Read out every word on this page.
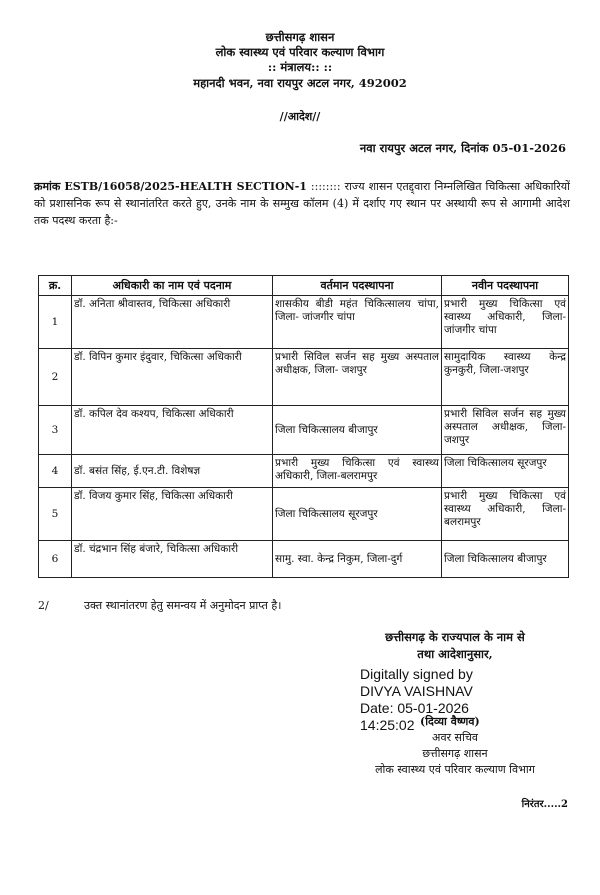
छत्तीसगढ़ शासन
लोक स्वास्थ्य एवं परिवार कल्याण विभाग
:: मंत्रालय:: ::
महानदी भवन, नवा रायपुर अटल नगर, 492002
//आदेश//
नवा रायपुर अटल नगर, दिनांक 05-01-2026
क्रमांक ESTB/16058/2025-HEALTH SECTION-1 :::::::: राज्य शासन एतद्द्वारा निम्नलिखित चिकित्सा अधिकारियों को प्रशासनिक रूप से स्थानांतरित करते हुए, उनके नाम के सम्मुख कॉलम (4) में दर्शाए गए स्थान पर अस्थायी रूप से आगामी आदेश तक पदस्थ करता है:-
क्र.	अधिकारी का नाम एवं पदनाम	वर्तमान पदस्थापना	नवीन पदस्थापना
1	डॉ. अनिता श्रीवास्तव, चिकित्सा अधिकारी	शासकीय बीडी महंत चिकित्सालय चांपा, जिला- जांजगीर चांपा	प्रभारी मुख्य चिकित्सा एवं स्वास्थ्य अधिकारी, जिला- जांजगीर चांपा
2	डॉ. विपिन कुमार इंदुवार, चिकित्सा अधिकारी	प्रभारी सिविल सर्जन सह मुख्य अस्पताल अधीक्षक, जिला- जशपुर	सामुदायिक स्वास्थ्य केन्द्र कुनकुरी, जिला-जशपुर
3	डॉ. कपिल देव कश्यप, चिकित्सा अधिकारी	जिला चिकित्सालय बीजापुर	प्रभारी सिविल सर्जन सह मुख्य अस्पताल अधीक्षक, जिला-जशपुर
4	डॉ. बसंत सिंह, ई.एन.टी. विशेषज्ञ	प्रभारी मुख्य चिकित्सा एवं स्वास्थ्य अधिकारी, जिला-बलरामपुर	जिला चिकित्सालय सूरजपुर
5	डॉ. विजय कुमार सिंह, चिकित्सा अधिकारी	जिला चिकित्सालय सूरजपुर	प्रभारी मुख्य चिकित्सा एवं स्वास्थ्य अधिकारी, जिला- बलरामपुर
6	डॉ. चंद्रभान सिंह बंजारे, चिकित्सा अधिकारी	सामु. स्वा. केन्द्र निकुम, जिला-दुर्ग	जिला चिकित्सालय बीजापुर
2/	उक्त स्थानांतरण हेतु समन्वय में अनुमोदन प्राप्त है।
छत्तीसगढ़ के राज्यपाल के नाम से
तथा आदेशानुसार,
Digitally signed by
DIVYA VAISHNAV
Date: 05-01-2026
14:25:02 (दिव्या वैष्णव)
अवर सचिव
छत्तीसगढ़ शासन
लोक स्वास्थ्य एवं परिवार कल्याण विभाग
निरंतर.....2
